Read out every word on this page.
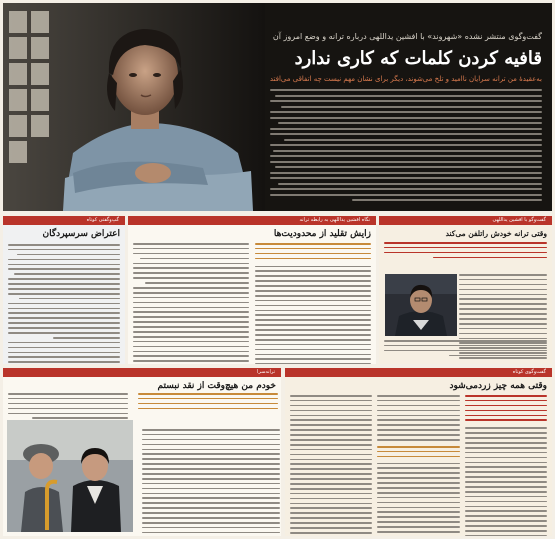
گفت‌وگوی منتشر نشده «شهروند» با افشین یداللهی درباره ترانه و وضع امروز آن
قافیه کردن کلمات که کاری ندارد
به‌عقیدهٔ من ترانه سرایان ناامید و تلخ می‌شوند، دیگر برای نشان مهم نیست چه اتفاقی می‌افتد
گپ‌وگفتی کوتاه
اعتراض سرسپردگان
نگاه افشین یداللهی به رابطه ترانه
زایش تقلید از محدودیت‌ها
گفت‌وگو با افشین یداللهی
وقتی ترانه خودش راتلفن می‌کند
ترانه‌سرا
خودم من هیچ‌وقت از نقد نبستم
گفت‌وگوی کوتاه
وقتی همه چیز زردمی‌شود
